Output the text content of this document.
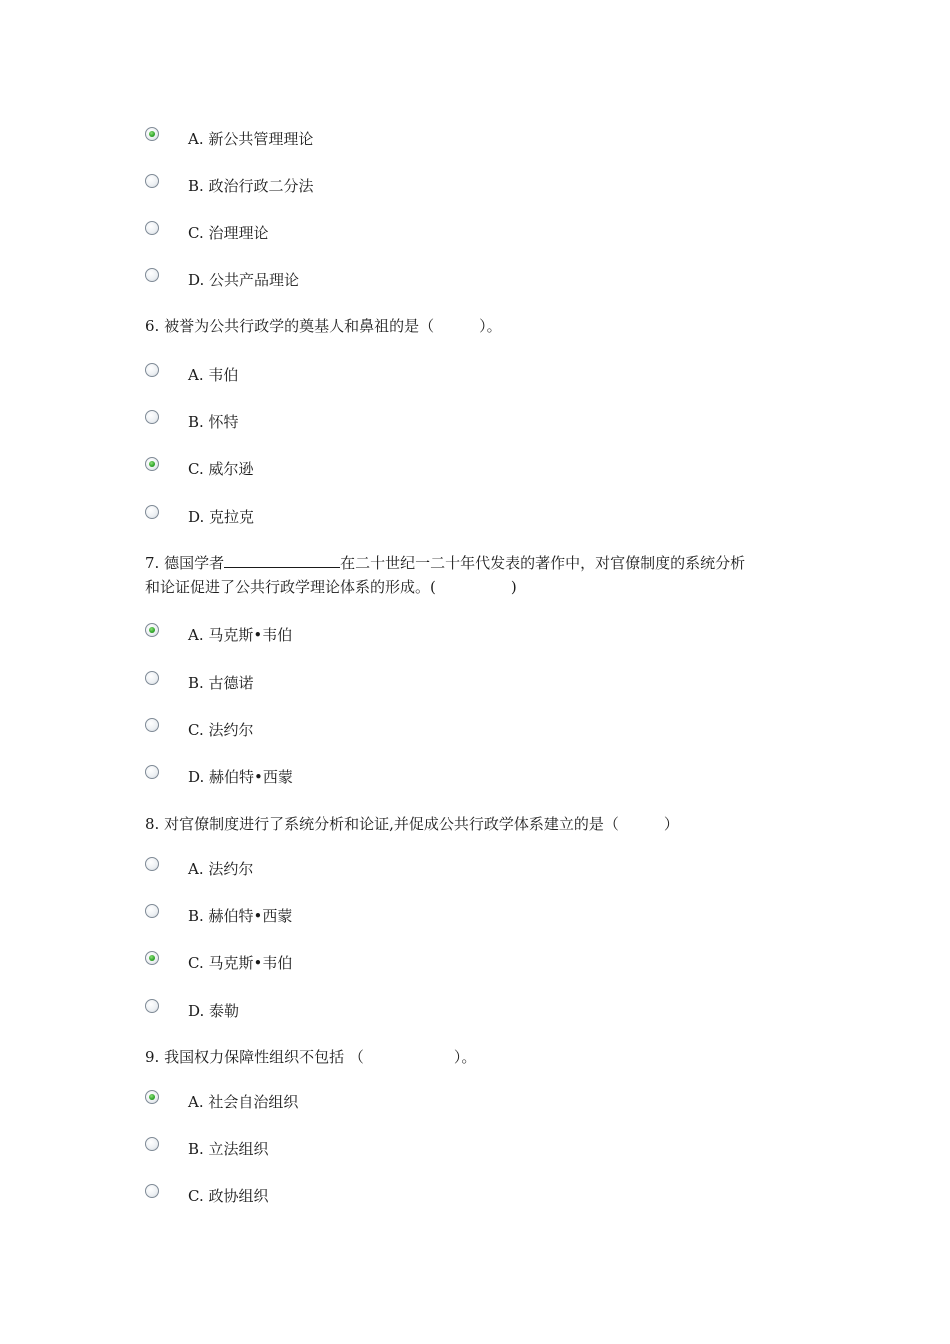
A. 新公共管理理论
B. 政治行政二分法
C. 治理理论
D. 公共产品理论
6. 被誉为公共行政学的奠基人和鼻祖的是（　　　）。
A. 韦伯
B. 怀特
C. 威尔逊
D. 克拉克
7. 德国学者	在二十世纪一二十年代发表的著作中，对官僚制度的系统分析
和论证促进了公共行政学理论体系的形成。(　　　　　)
A. 马克斯•韦伯
B. 古德诺
C. 法约尔
D. 赫伯特•西蒙
8. 对官僚制度进行了系统分析和论证,并促成公共行政学体系建立的是（　　　）
A. 法约尔
B. 赫伯特•西蒙
C. 马克斯•韦伯
D. 泰勒
9. 我国权力保障性组织不包括 （　　　　　　）。
A. 社会自治组织
B. 立法组织
C. 政协组织
